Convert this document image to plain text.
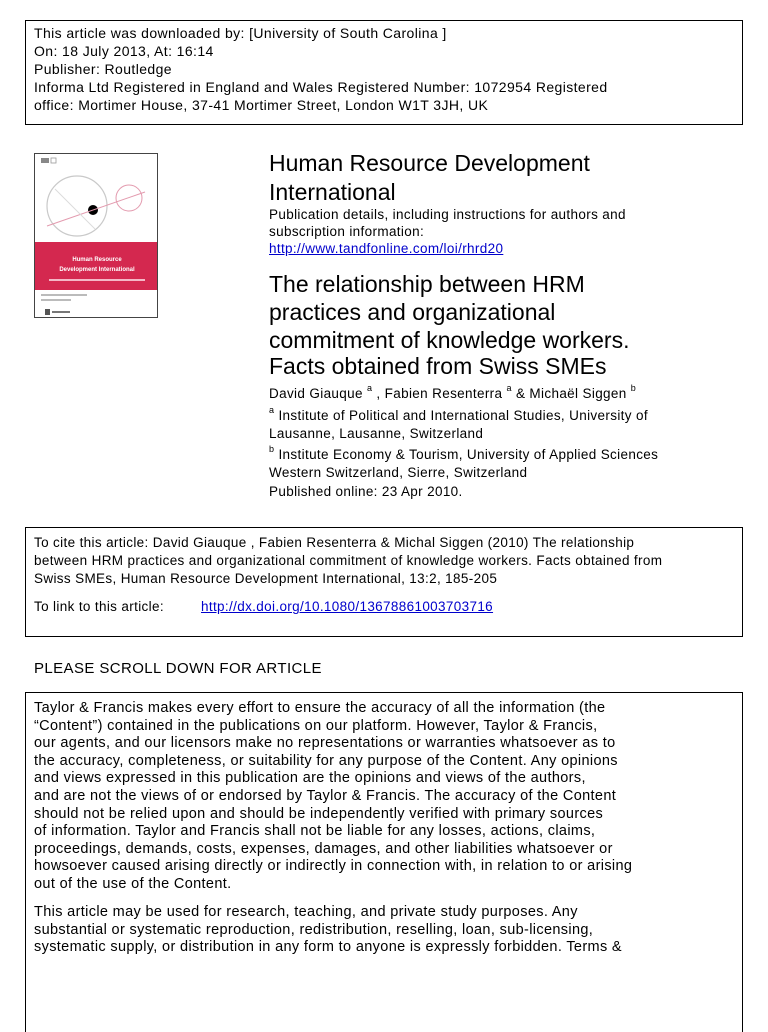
This article was downloaded by: [University of South Carolina ]

On: 18 July 2013, At: 16:14

Publisher: Routledge

Informa Ltd Registered in England and Wales Registered Number: 1072954 Registered

office: Mortimer House, 37-41 Mortimer Street, London W1T 3JH, UK

Human Resource
Development International

Human Resource Development

International

Publication details, including instructions for authors and

subscription information:

http://www.tandfonline.com/loi/rhrd20

The relationship between HRM

practices and organizational

commitment of knowledge workers.

Facts obtained from Swiss SMEs

David Giauque $^a$ , Fabien Resenterra $^a$ & Michaël Siggen $^b$

$^a$ Institute of Political and International Studies, University of

Lausanne, Lausanne, Switzerland

$^b$ Institute Economy & Tourism, University of Applied Sciences

Western Switzerland, Sierre, Switzerland

Published online: 23 Apr 2010.

To cite this article: David Giauque , Fabien Resenterra & Michal Siggen (2010) The relationship

between HRM practices and organizational commitment of knowledge workers. Facts obtained from

Swiss SMEs, Human Resource Development International, 13:2, 185-205

To link to this article:	http://dx.doi.org/10.1080/13678861003703716

PLEASE SCROLL DOWN FOR ARTICLE

Taylor & Francis makes every effort to ensure the accuracy of all the information (the

“Content”) contained in the publications on our platform. However, Taylor & Francis,

our agents, and our licensors make no representations or warranties whatsoever as to

the accuracy, completeness, or suitability for any purpose of the Content. Any opinions

and views expressed in this publication are the opinions and views of the authors,

and are not the views of or endorsed by Taylor & Francis. The accuracy of the Content

should not be relied upon and should be independently verified with primary sources

of information. Taylor and Francis shall not be liable for any losses, actions, claims,

proceedings, demands, costs, expenses, damages, and other liabilities whatsoever or

howsoever caused arising directly or indirectly in connection with, in relation to or arising

out of the use of the Content.

This article may be used for research, teaching, and private study purposes. Any

substantial or systematic reproduction, redistribution, reselling, loan, sub-licensing,

systematic supply, or distribution in any form to anyone is expressly forbidden. Terms &
